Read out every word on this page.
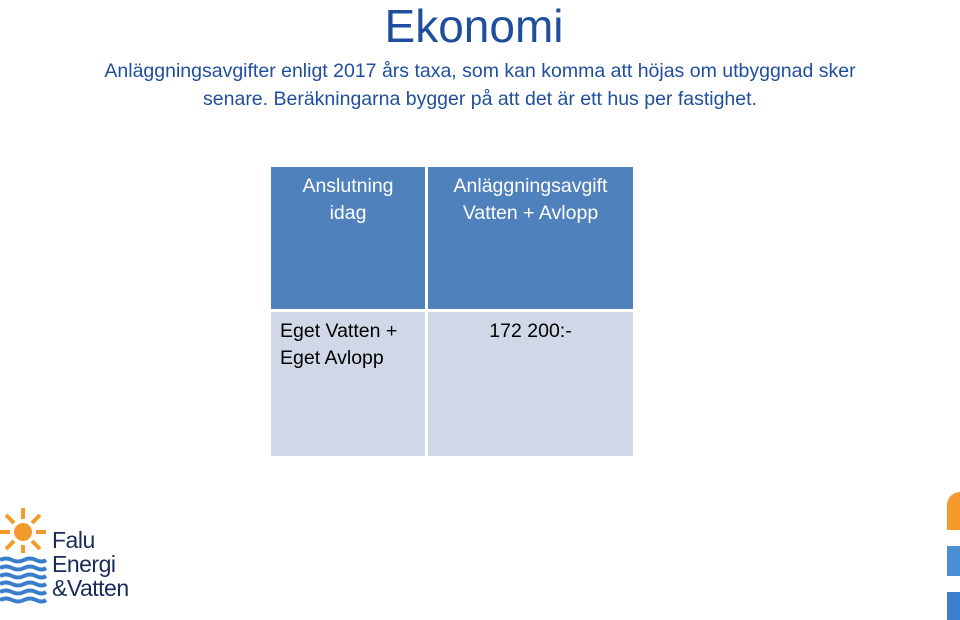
Ekonomi
Anläggningsavgifter enligt 2017 års taxa, som kan komma att höjas om utbyggnad sker
senare. Beräkningarna bygger på att det är ett hus per fastighet.
Anslutning
idag
Anläggningsavgift
Vatten + Avlopp
Eget Vatten +
Eget Avlopp
172 200:-
Falu
Energi
&Vatten
